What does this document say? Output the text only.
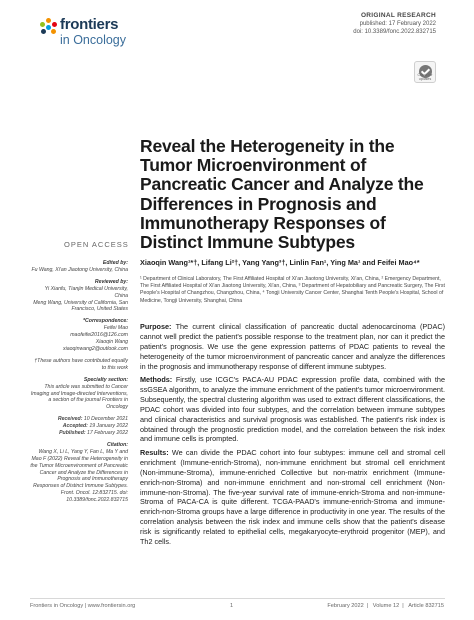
frontiers
in Oncology
ORIGINAL RESEARCH
published: 17 February 2022
doi: 10.3389/fonc.2022.832715
Check for updates
Reveal the Heterogeneity in the Tumor Microenvironment of Pancreatic Cancer and Analyze the Differences in Prognosis and Immunotherapy Responses of Distinct Immune Subtypes
OPEN ACCESS
Xiaoqin Wang¹*†, Lifang Li²†, Yang Yang³†, Linlin Fan¹, Ying Ma¹ and Feifei Mao⁴*
¹ Department of Clinical Laboratory, The First Affiliated Hospital of Xi'an Jiaotong University, Xi'an, China, ² Emergency Department, The First Affiliated Hospital of Xi'an Jiaotong University, Xi'an, China, ³ Department of Hepatobiliary and Pancreatic Surgery, The First People's Hospital of Changzhou, Changzhou, China, ⁴ Tongji University Cancer Center, Shanghai Tenth People's Hospital, School of Medicine, Tongji University, Shanghai, China
Edited by:
Fu Wang, Xi'an Jiaotong University, China
Reviewed by:
Yi Xianfu, Tianjin Medical University, China
Meng Wang, University of California, San Francisco, United States
*Correspondence:
Feifei Mao
maofeifei2016@126.com
Xiaoqin Wang
xiaoqinwang2@outlook.com
†These authors have contributed equally to this work
Specialty section:
This article was submitted to Cancer Imaging and Image-directed Interventions, a section of the journal Frontiers in Oncology
Received: 10 December 2021
Accepted: 19 January 2022
Published: 17 February 2022
Citation:
Wang X, Li L, Yang Y, Fan L, Ma Y and Mao F (2022) Reveal the Heterogeneity in the Tumor Microenvironment of Pancreatic Cancer and Analyze the Differences in Prognosis and Immunotherapy Responses of Distinct Immune Subtypes. Front. Oncol. 12:832715. doi: 10.3389/fonc.2022.832715

Purpose: The current clinical classification of pancreatic ductal adenocarcinoma (PDAC) cannot well predict the patient's possible response to the treatment plan, nor can it predict the patient's prognosis. We use the gene expression patterns of PDAC patients to reveal the heterogeneity of the tumor microenvironment of pancreatic cancer and analyze the differences in the prognosis and immunotherapy response of different immune subtypes.

Methods: Firstly, use ICGC's PACA-AU PDAC expression profile data, combined with the ssGSEA algorithm, to analyze the immune enrichment of the patient's tumor microenvironment. Subsequently, the spectral clustering algorithm was used to extract different classifications, the PDAC cohort was divided into four subtypes, and the correlation between immune subtypes and clinical characteristics and survival prognosis was established. The patient's risk index is obtained through the prognostic prediction model, and the correlation between the risk index and immune cells is prompted.

Results: We can divide the PDAC cohort into four subtypes: immune cell and stromal cell enrichment (Immune-enrich-Stroma), non-immune enrichment but stromal cell enrichment (Non-immune-Stroma), immune-enriched Collective but non-matrix enrichment (Immune-enrich-non-Stroma) and non-immune enrichment and non-stromal cell enrichment (Non-immune-non-Stroma). The five-year survival rate of immune-enrich-Stroma and non-immune-Stroma of PACA-CA is quite different. TCGA-PAAD's immune-enrich-Stroma and immune-enrich-non-Stroma groups have a large difference in productivity in one year. The results of the correlation analysis between the risk index and immune cells show that the patient's disease risk is significantly related to epithelial cells, megakaryocyte-erythroid progenitor (MEP), and Th2 cells.

Frontiers in Oncology | www.frontiersin.org	1	February 2022 | Volume 12 | Article 832715
